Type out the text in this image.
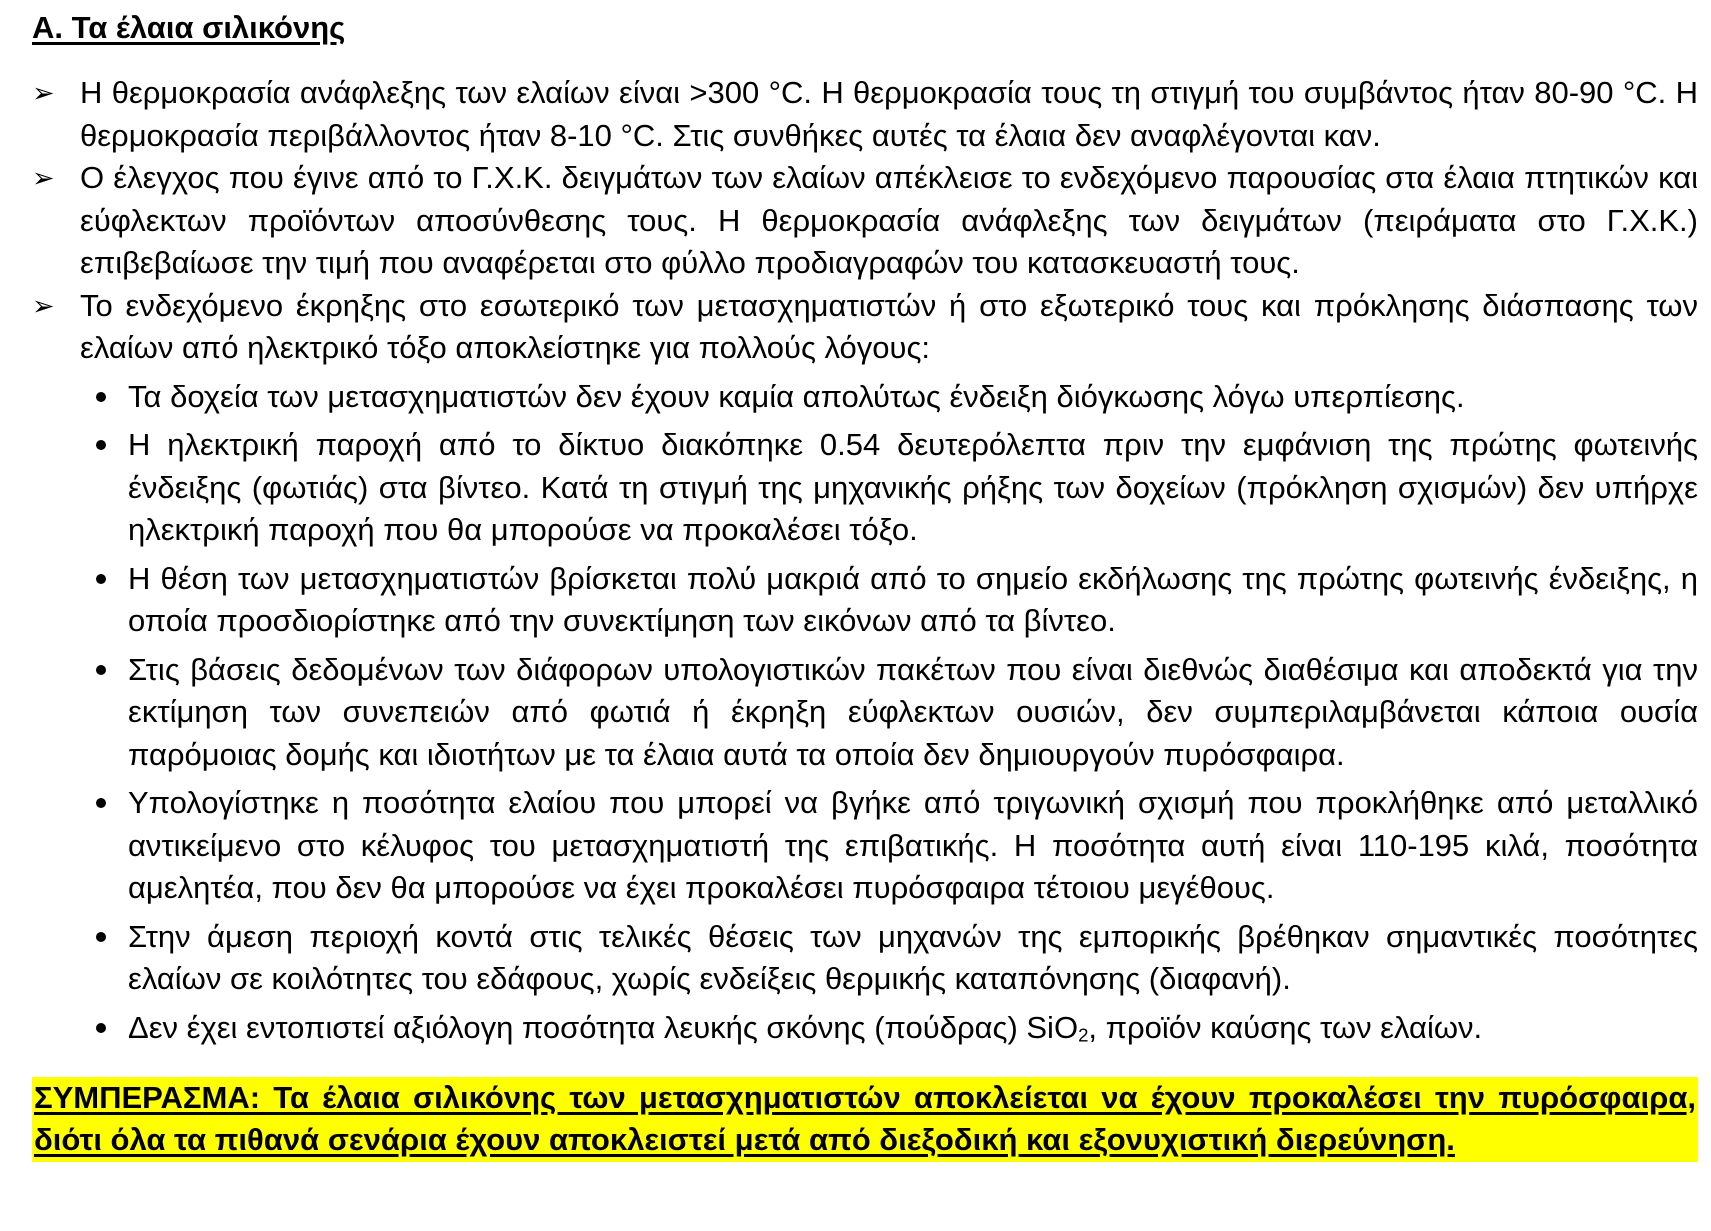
Α. Τα έλαια σιλικόνης
➢ Η θερμοκρασία ανάφλεξης των ελαίων είναι >300 °C. Η θερμοκρασία τους τη στιγμή του συμβάντος ήταν 80-90 °C. Η θερμοκρασία περιβάλλοντος ήταν 8-10 °C. Στις συνθήκες αυτές τα έλαια δεν αναφλέγονται καν.
➢ Ο έλεγχος που έγινε από το Γ.Χ.Κ. δειγμάτων των ελαίων απέκλεισε το ενδεχόμενο παρουσίας στα έλαια πτητικών και εύφλεκτων προϊόντων αποσύνθεσης τους. Η θερμοκρασία ανάφλεξης των δειγμάτων (πειράματα στο Γ.Χ.Κ.) επιβεβαίωσε την τιμή που αναφέρεται στο φύλλο προδιαγραφών του κατασκευαστή τους.
➢ Το ενδεχόμενο έκρηξης στο εσωτερικό των μετασχηματιστών ή στο εξωτερικό τους και πρόκλησης διάσπασης των ελαίων από ηλεκτρικό τόξο αποκλείστηκε για πολλούς λόγους:
Τα δοχεία των μετασχηματιστών δεν έχουν καμία απολύτως ένδειξη διόγκωσης λόγω υπερπίεσης.
Η ηλεκτρική παροχή από το δίκτυο διακόπηκε 0.54 δευτερόλεπτα πριν την εμφάνιση της πρώτης φωτεινής ένδειξης (φωτιάς) στα βίντεο. Κατά τη στιγμή της μηχανικής ρήξης των δοχείων (πρόκληση σχισμών) δεν υπήρχε ηλεκτρική παροχή που θα μπορούσε να προκαλέσει τόξο.
Η θέση των μετασχηματιστών βρίσκεται πολύ μακριά από το σημείο εκδήλωσης της πρώτης φωτεινής ένδειξης, η οποία προσδιορίστηκε από την συνεκτίμηση των εικόνων από τα βίντεο.
Στις βάσεις δεδομένων των διάφορων υπολογιστικών πακέτων που είναι διεθνώς διαθέσιμα και αποδεκτά για την εκτίμηση των συνεπειών από φωτιά ή έκρηξη εύφλεκτων ουσιών, δεν συμπεριλαμβάνεται κάποια ουσία παρόμοιας δομής και ιδιοτήτων με τα έλαια αυτά τα οποία δεν δημιουργούν πυρόσφαιρα.
Υπολογίστηκε η ποσότητα ελαίου που μπορεί να βγήκε από τριγωνική σχισμή που προκλήθηκε από μεταλλικό αντικείμενο στο κέλυφος του μετασχηματιστή της επιβατικής. Η ποσότητα αυτή είναι 110-195 κιλά, ποσότητα αμελητέα, που δεν θα μπορούσε να έχει προκαλέσει πυρόσφαιρα τέτοιου μεγέθους.
Στην άμεση περιοχή κοντά στις τελικές θέσεις των μηχανών της εμπορικής βρέθηκαν σημαντικές ποσότητες ελαίων σε κοιλότητες του εδάφους, χωρίς ενδείξεις θερμικής καταπόνησης (διαφανή).
Δεν έχει εντοπιστεί αξιόλογη ποσότητα λευκής σκόνης (πούδρας) SiO$_2$, προϊόν καύσης των ελαίων.
ΣΥΜΠΕΡΑΣΜΑ: Τα έλαια σιλικόνης των μετασχηματιστών αποκλείεται να έχουν προκαλέσει την πυρόσφαιρα, διότι όλα τα πιθανά σενάρια έχουν αποκλειστεί μετά από διεξοδική και εξονυχιστική διερεύνηση.
